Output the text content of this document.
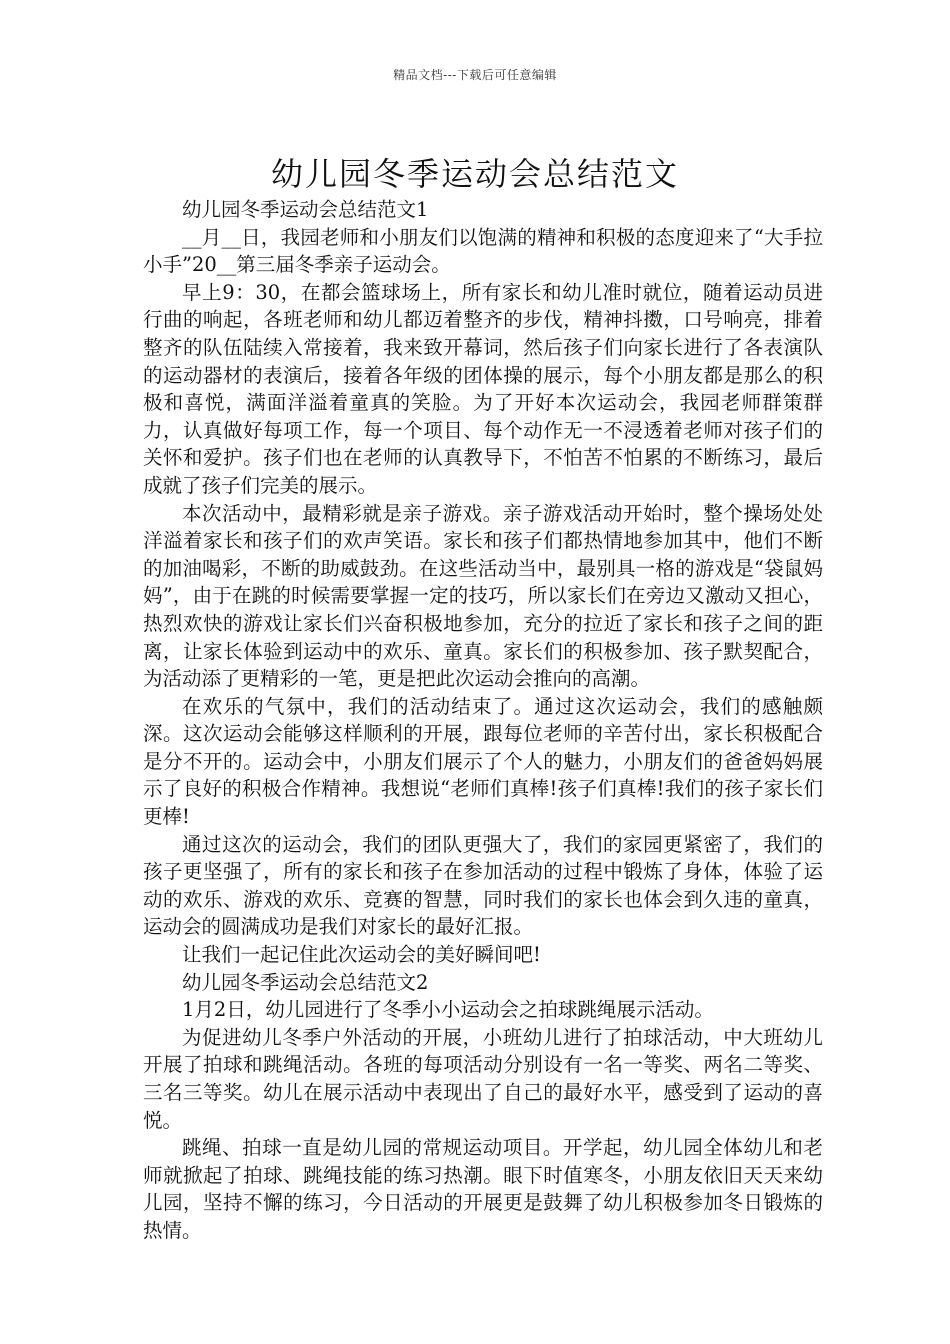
精品文档---下载后可任意编辑
幼儿园冬季运动会总结范文

幼儿园冬季运动会总结范文1

__月__日，我园老师和小朋友们以饱满的精神和积极的态度迎来了“大手拉小手”20__第三届冬季亲子运动会。

早上9：30，在都会篮球场上，所有家长和幼儿准时就位，随着运动员进行曲的响起，各班老师和幼儿都迈着整齐的步伐，精神抖擞，口号响亮，排着整齐的队伍陆续入常接着，我来致开幕词，然后孩子们向家长进行了各表演队的运动器材的表演后，接着各年级的团体操的展示，每个小朋友都是那么的积极和喜悦，满面洋溢着童真的笑脸。为了开好本次运动会，我园老师群策群力，认真做好每项工作，每一个项目、每个动作无一不浸透着老师对孩子们的关怀和爱护。孩子们也在老师的认真教导下，不怕苦不怕累的不断练习，最后成就了孩子们完美的展示。

本次活动中，最精彩就是亲子游戏。亲子游戏活动开始时，整个操场处处洋溢着家长和孩子们的欢声笑语。家长和孩子们都热情地参加其中，他们不断的加油喝彩，不断的助威鼓劲。在这些活动当中，最别具一格的游戏是“袋鼠妈妈”，由于在跳的时候需要掌握一定的技巧，所以家长们在旁边又激动又担心，热烈欢快的游戏让家长们兴奋积极地参加，充分的拉近了家长和孩子之间的距离，让家长体验到运动中的欢乐、童真。家长们的积极参加、孩子默契配合，为活动添了更精彩的一笔，更是把此次运动会推向的高潮。

在欢乐的气氛中，我们的活动结束了。通过这次运动会，我们的感触颇深。这次运动会能够这样顺利的开展，跟每位老师的辛苦付出，家长积极配合是分不开的。运动会中，小朋友们展示了个人的魅力，小朋友们的爸爸妈妈展示了良好的积极合作精神。我想说“老师们真棒!孩子们真棒!我们的孩子家长们更棒!

通过这次的运动会，我们的团队更强大了，我们的家园更紧密了，我们的孩子更坚强了，所有的家长和孩子在参加活动的过程中锻炼了身体，体验了运动的欢乐、游戏的欢乐、竞赛的智慧，同时我们的家长也体会到久违的童真，运动会的圆满成功是我们对家长的最好汇报。

让我们一起记住此次运动会的美好瞬间吧!

幼儿园冬季运动会总结范文2

1月2日，幼儿园进行了冬季小小运动会之拍球跳绳展示活动。

为促进幼儿冬季户外活动的开展，小班幼儿进行了拍球活动，中大班幼儿开展了拍球和跳绳活动。各班的每项活动分别设有一名一等奖、两名二等奖、三名三等奖。幼儿在展示活动中表现出了自己的最好水平，感受到了运动的喜悦。

跳绳、拍球一直是幼儿园的常规运动项目。开学起，幼儿园全体幼儿和老师就掀起了拍球、跳绳技能的练习热潮。眼下时值寒冬，小朋友依旧天天来幼儿园，坚持不懈的练习，今日活动的开展更是鼓舞了幼儿积极参加冬日锻炼的热情。
